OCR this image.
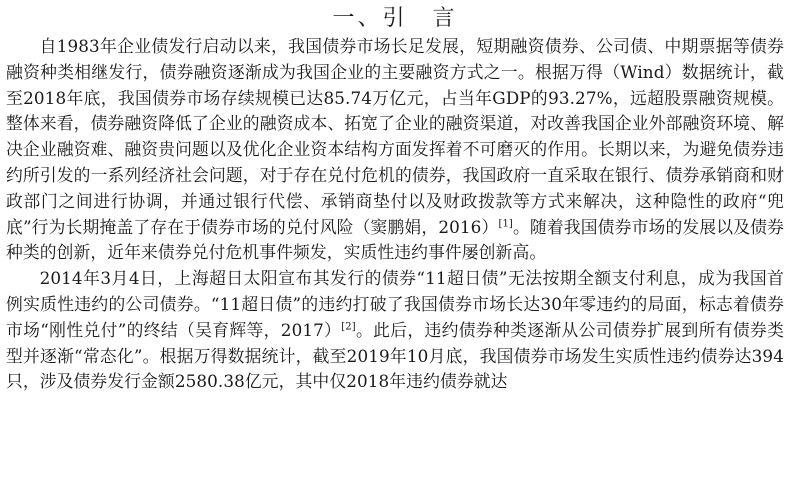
一、引　言

自1983年企业债发行启动以来，我国债券市场长足发展，短期融资债券、公司债、中期票据等债券融资种类相继发行，债券融资逐渐成为我国企业的主要融资方式之一。根据万得（Wind）数据统计，截至2018年底，我国债券市场存续规模已达85.74万亿元，占当年GDP的93.27%，远超股票融资规模。整体来看，债券融资降低了企业的融资成本、拓宽了企业的融资渠道，对改善我国企业外部融资环境、解决企业融资难、融资贵问题以及优化企业资本结构方面发挥着不可磨灭的作用。长期以来，为避免债券违约所引发的一系列经济社会问题，对于存在兑付危机的债券，我国政府一直采取在银行、债券承销商和财政部门之间进行协调，并通过银行代偿、承销商垫付以及财政拨款等方式来解决，这种隐性的政府“兜底”行为长期掩盖了存在于债券市场的兑付风险（窦鹏娟，2016）[1]。随着我国债券市场的发展以及债券种类的创新，近年来债券兑付危机事件频发，实质性违约事件屡创新高。

2014年3月4日，上海超日太阳宣布其发行的债券“11超日债”无法按期全额支付利息，成为我国首例实质性违约的公司债券。“11超日债”的违约打破了我国债券市场长达30年零违约的局面，标志着债券市场“刚性兑付”的终结（吴育辉等，2017）[2]。此后，违约债券种类逐渐从公司债券扩展到所有债券类型并逐渐“常态化”。根据万得数据统计，截至2019年10月底，我国债券市场发生实质性违约债券达394只，涉及债券发行金额2580.38亿元，其中仅2018年违约债券就达
